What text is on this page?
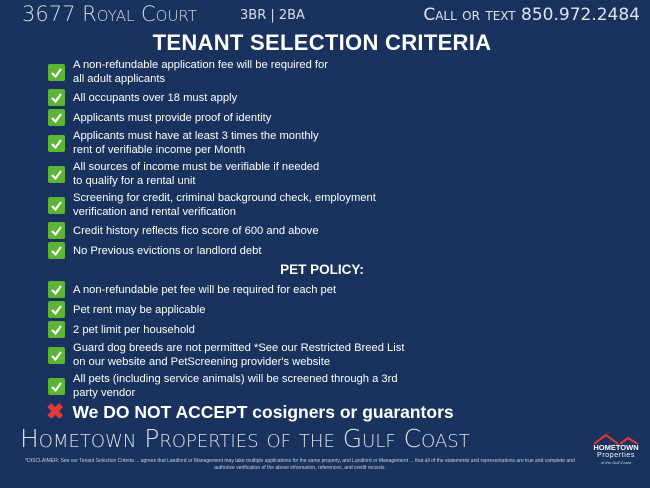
3677 Royal Court	3BR | 2BA	Call or text 850.972.2484
TENANT SELECTION CRITERIA
A non-refundable application fee will be required for
all adult applicants
All occupants over 18 must apply
Applicants must provide proof of identity
Applicants must have at least 3 times the monthly
rent of verifiable income per Month
All sources of income must be verifiable if needed
to qualify for a rental unit
Screening for credit, criminal background check, employment
verification and rental verification
Credit history reflects fico score of 600 and above
No Previous evictions or landlord debt
PET POLICY:
A non-refundable pet fee will be required for each pet
Pet rent may be applicable
2 pet limit per household
Guard dog breeds are not permitted *See our Restricted Breed List
on our website and PetScreening provider's website
All pets (including service animals) will be screened through a 3rd
party vendor
✖ We DO NOT ACCEPT cosigners or guarantors
Hometown Properties of the Gulf Coast
*DISCLAIMER: See our Tenant Selection Criteria ... agrees that Landlord or Management may take multiple applications for the same property, and Landlord or Management ... that all of the statements and representations are true and complete and authorize verification of the above information, references, and credit records.
HOMETOWN
Properties
of the Gulf Coast
